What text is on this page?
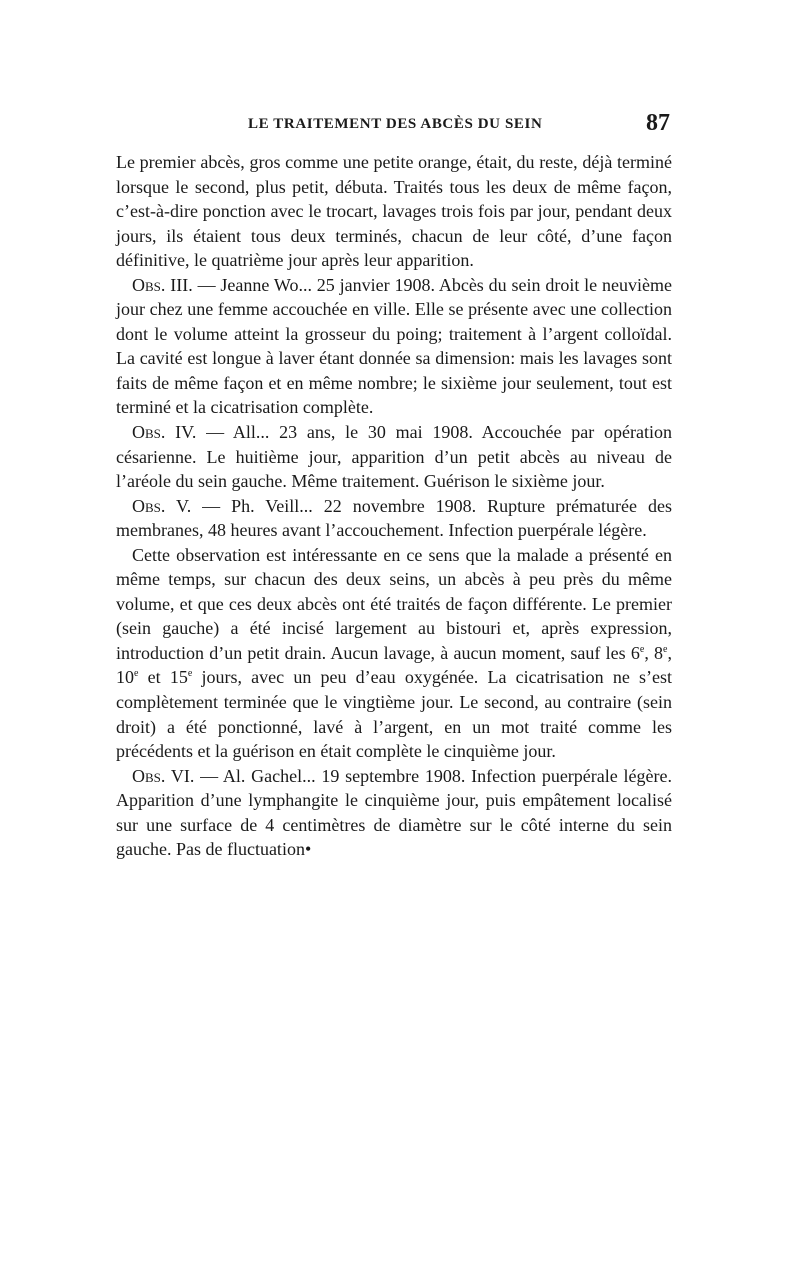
LE TRAITEMENT DES ABCÈS DU SEIN	87

Le premier abcès, gros comme une petite orange, était, du reste, déjà terminé lorsque le second, plus petit, débuta. Traités tous les deux de même façon, c’est-à-dire ponction avec le trocart, lavages trois fois par jour, pendant deux jours, ils étaient tous deux terminés, chacun de leur côté, d’une façon définitive, le quatrième jour après leur apparition.

Obs. III. — Jeanne Wo... 25 janvier 1908. Abcès du sein droit le neuvième jour chez une femme accouchée en ville. Elle se présente avec une collection dont le volume atteint la grosseur du poing; traitement à l’argent colloïdal. La cavité est longue à laver étant donnée sa dimension: mais les lavages sont faits de même façon et en même nombre; le sixième jour seulement, tout est terminé et la cicatrisation complète.

Obs. IV. — All... 23 ans, le 30 mai 1908. Accouchée par opération césarienne. Le huitième jour, apparition d’un petit abcès au niveau de l’aréole du sein gauche. Même traitement. Guérison le sixième jour.

Obs. V. — Ph. Veill... 22 novembre 1908. Rupture prématurée des membranes, 48 heures avant l’accouchement. Infection puerpérale légère.

Cette observation est intéressante en ce sens que la malade a présenté en même temps, sur chacun des deux seins, un abcès à peu près du même volume, et que ces deux abcès ont été traités de façon différente. Le premier (sein gauche) a été incisé largement au bistouri et, après expression, introduction d’un petit drain. Aucun lavage, à aucun moment, sauf les 6e, 8e, 10e et 15e jours, avec un peu d’eau oxygénée. La cicatrisation ne s’est complètement terminée que le vingtième jour. Le second, au contraire (sein droit) a été ponctionné, lavé à l’argent, en un mot traité comme les précédents et la guérison en était complète le cinquième jour.

Obs. VI. — Al. Gachel... 19 septembre 1908. Infection puerpérale légère. Apparition d’une lymphangite le cinquième jour, puis empâtement localisé sur une surface de 4 centimètres de diamètre sur le côté interne du sein gauche. Pas de fluctuation•
